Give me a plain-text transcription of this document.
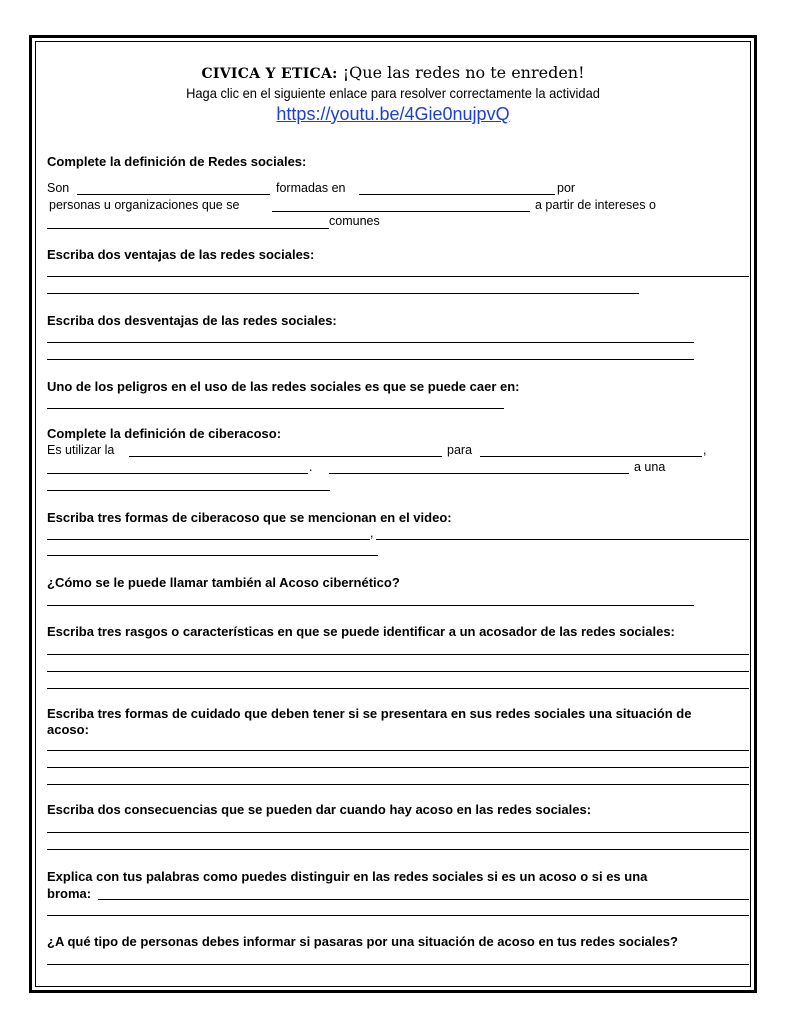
CIVICA Y ETICA: ¡Que las redes no te enreden!
Haga clic en el siguiente enlace para resolver correctamente la actividad
https://youtu.be/4Gie0nujpvQ
Complete la definición de Redes sociales:
Son	formadas en	por
personas u organizaciones que se	a partir de intereses o
comunes
Escriba dos ventajas de las redes sociales:
Escriba dos desventajas de las redes sociales:
Uno de los peligros en el uso de las redes sociales es que se puede caer en:
Complete la definición de ciberacoso:
Es utilizar la	para	,
.	a una
Escriba tres formas de ciberacoso que se mencionan en el video:
,
¿Cómo se le puede llamar también al Acoso cibernético?
Escriba tres rasgos o características en que se puede identificar a un acosador de las redes sociales:
Escriba tres formas de cuidado que deben tener si se presentara en sus redes sociales una situación de
acoso:
Escriba dos consecuencias que se pueden dar cuando hay acoso en las redes sociales:
Explica con tus palabras como puedes distinguir en las redes sociales si es un acoso o si es una
broma:
¿A qué tipo de personas debes informar si pasaras por una situación de acoso en tus redes sociales?
